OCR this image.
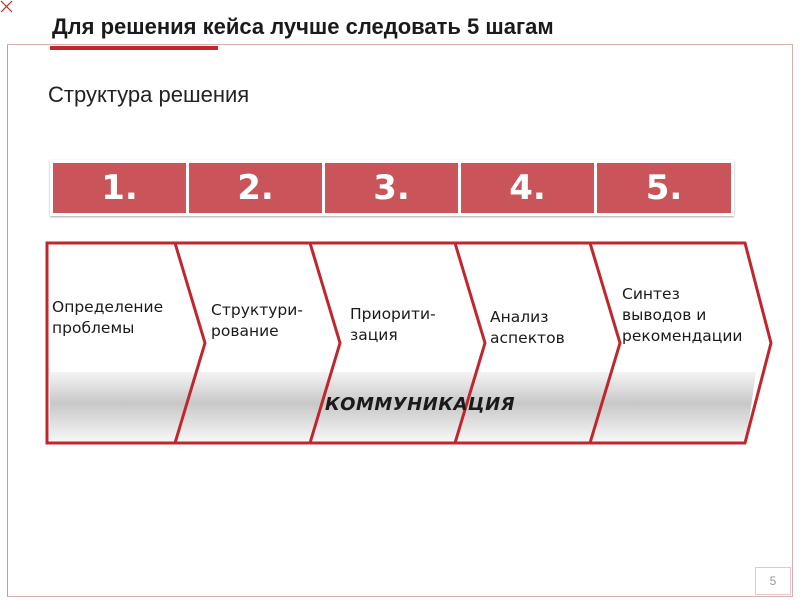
Для решения кейса лучше следовать 5 шагам
Структура решения
1.	2.	3.	4.	5.
Определение
проблемы
Структури-
рование
Приорити-
зация
Анализ
аспектов
Синтез
выводов и
рекомендации
КОММУНИКАЦИЯ
5
